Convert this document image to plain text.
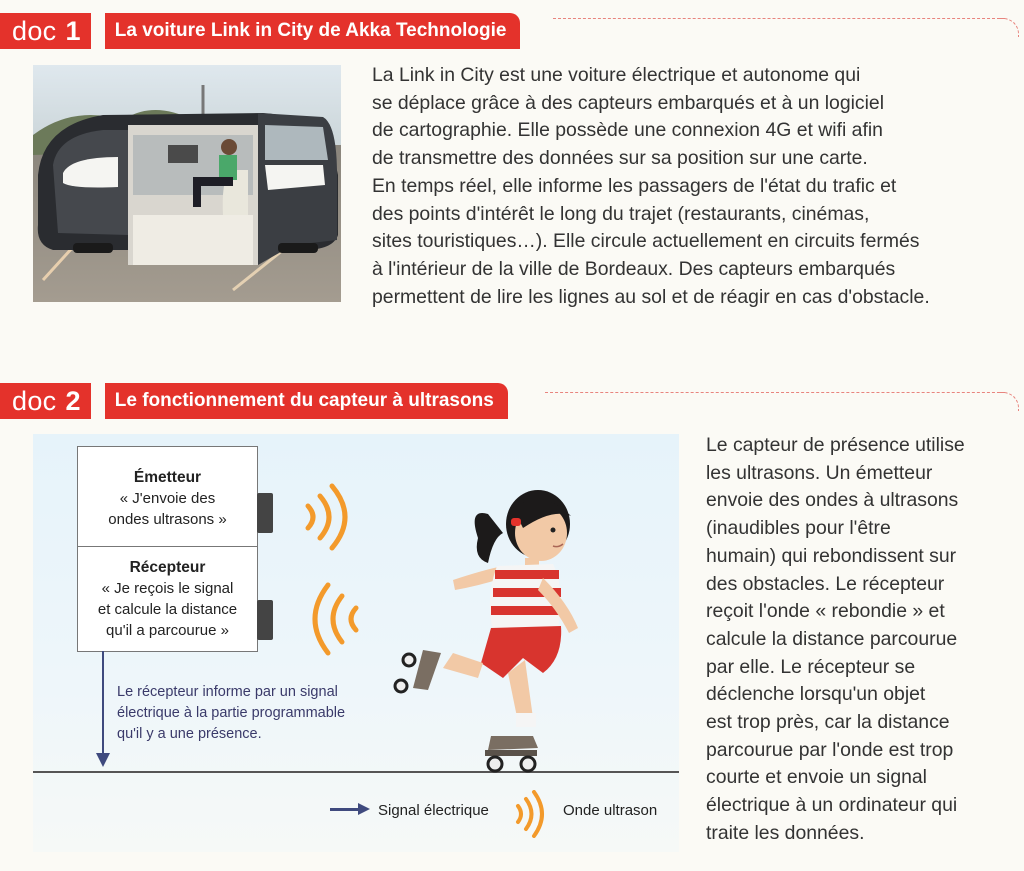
doc 1	La voiture Link in City de Akka Technologie
La Link in City est une voiture électrique et autonome qui
se déplace grâce à des capteurs embarqués et à un logiciel
de cartographie. Elle possède une connexion 4G et wifi afin
de transmettre des données sur sa position sur une carte.
En temps réel, elle informe les passagers de l'état du trafic et
des points d'intérêt le long du trajet (restaurants, cinémas,
sites touristiques…). Elle circule actuellement en circuits fermés
à l'intérieur de la ville de Bordeaux. Des capteurs embarqués
permettent de lire les lignes au sol et de réagir en cas d'obstacle.
doc 2	Le fonctionnement du capteur à ultrasons
Émetteur
« J'envoie des
ondes ultrasons »
Récepteur
« Je reçois le signal
et calcule la distance
qu'il a parcourue »
Le récepteur informe par un signal
électrique à la partie programmable
qu'il y a une présence.
Signal électrique	Onde ultrason
Le capteur de présence utilise
les ultrasons. Un émetteur
envoie des ondes à ultrasons
(inaudibles pour l'être
humain) qui rebondissent sur
des obstacles. Le récepteur
reçoit l'onde « rebondie » et
calcule la distance parcourue
par elle. Le récepteur se
déclenche lorsqu'un objet
est trop près, car la distance
parcourue par l'onde est trop
courte et envoie un signal
électrique à un ordinateur qui
traite les données.
